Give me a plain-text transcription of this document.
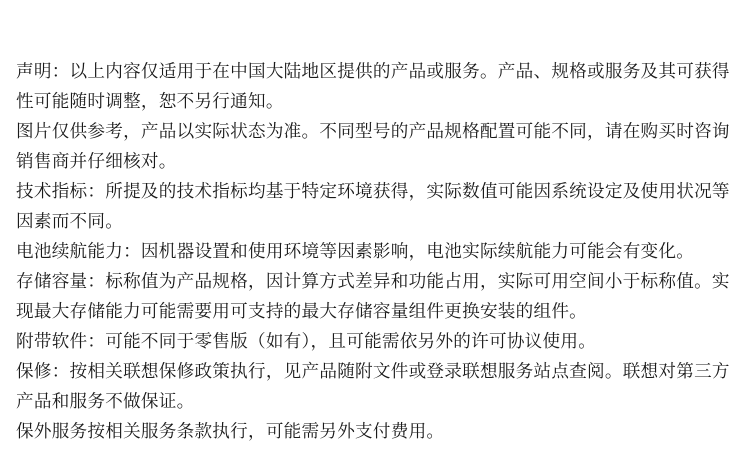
声明：以上内容仅适用于在中国大陆地区提供的产品或服务。产品、规格或服务及其可获得性可能随时调整，恕不另行通知。

图片仅供参考，产品以实际状态为准。不同型号的产品规格配置可能不同，请在购买时咨询销售商并仔细核对。

技术指标：所提及的技术指标均基于特定环境获得，实际数值可能因系统设定及使用状况等因素而不同。

电池续航能力：因机器设置和使用环境等因素影响，电池实际续航能力可能会有变化。

存储容量：标称值为产品规格，因计算方式差异和功能占用，实际可用空间小于标称值。实现最大存储能力可能需要用可支持的最大存储容量组件更换安装的组件。

附带软件：可能不同于零售版（如有），且可能需依另外的许可协议使用。

保修：按相关联想保修政策执行，见产品随附文件或登录联想服务站点查阅。联想对第三方产品和服务不做保证。

保外服务按相关服务条款执行，可能需另外支付费用。
